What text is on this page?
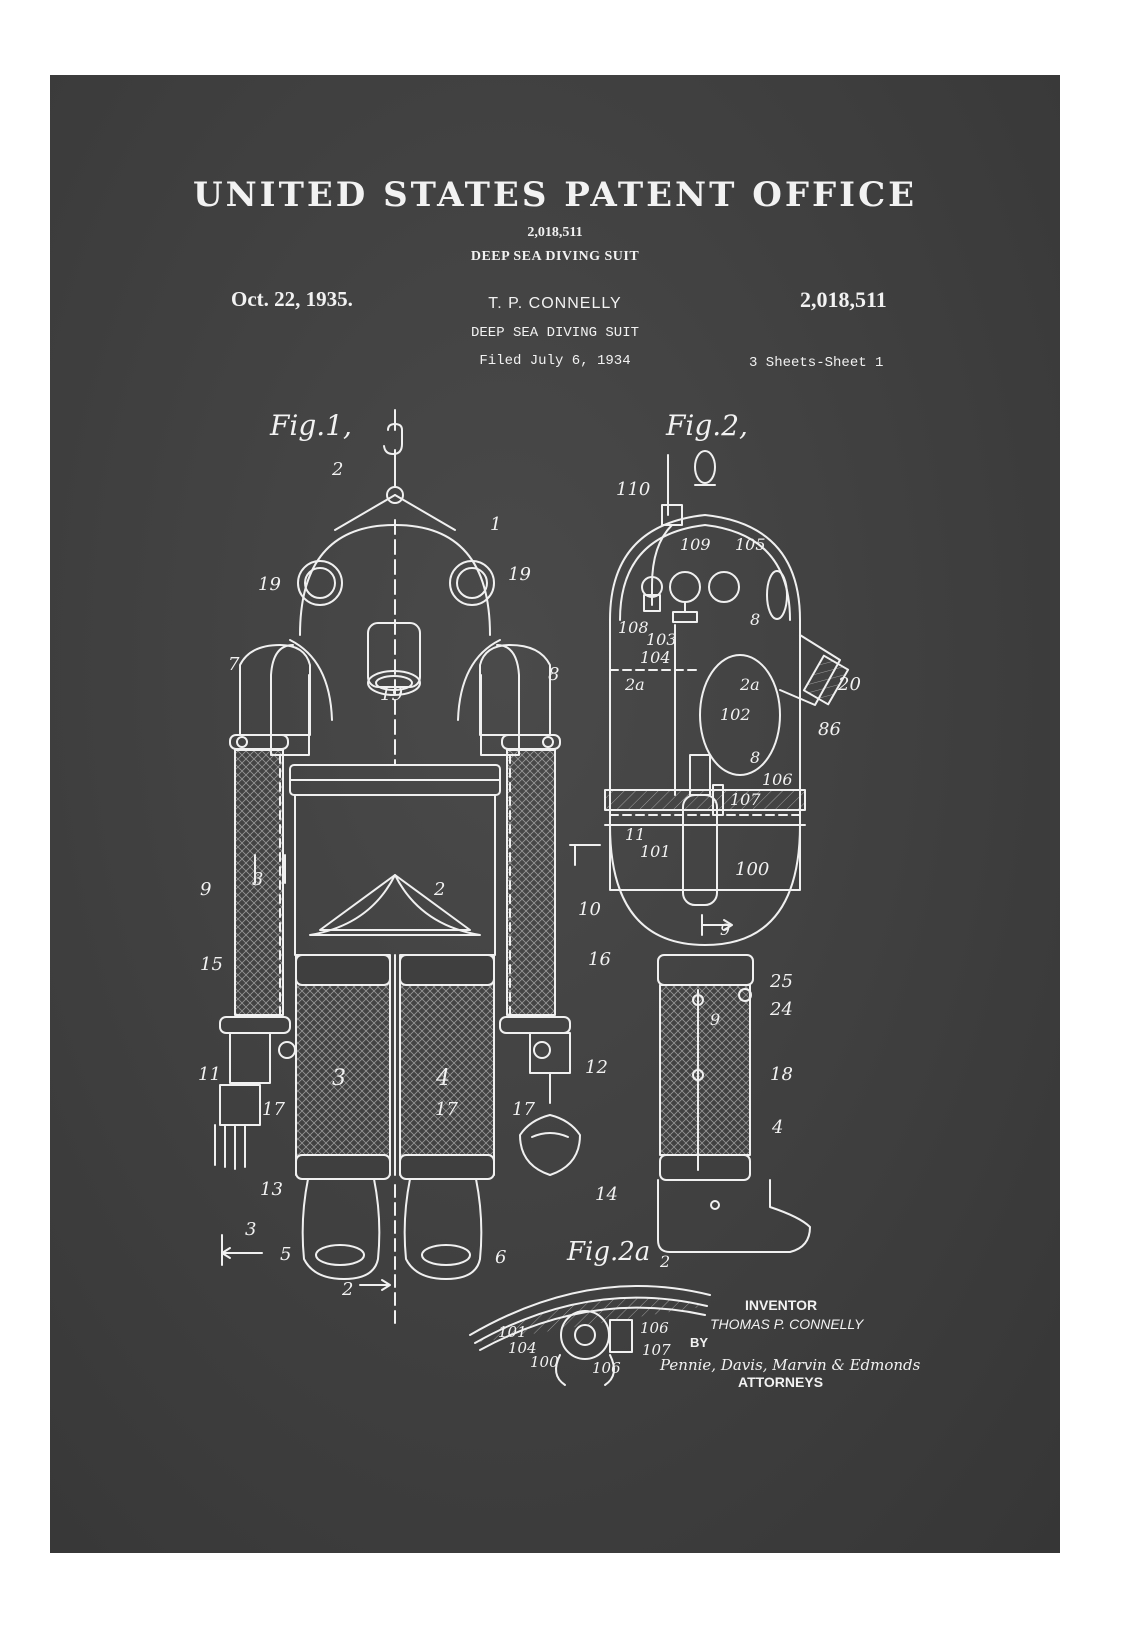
UNITED STATES PATENT OFFICE
2,018,511
DEEP SEA DIVING SUIT
Oct. 22, 1935.	T. P. CONNELLY	2,018,511
DEEP SEA DIVING SUIT
Filed July 6, 1934	3 Sheets-Sheet 1
Fig.1,	Fig.2,
Fig.2a
2
1
19	19
19
7	8
9 3	2
10
15	16
11	12
17
3	4
17	17
13	14
3
5	6
2
110
109 105
108
103
104
8
2a	2a
102
86
20
8
106
107
11
101
100
9
25
24
9
18
4
2
101
104
100 106
106
107
INVENTOR
THOMAS P. CONNELLY
BY
Pennie, Davis, Marvin & Edmonds
ATTORNEYS
